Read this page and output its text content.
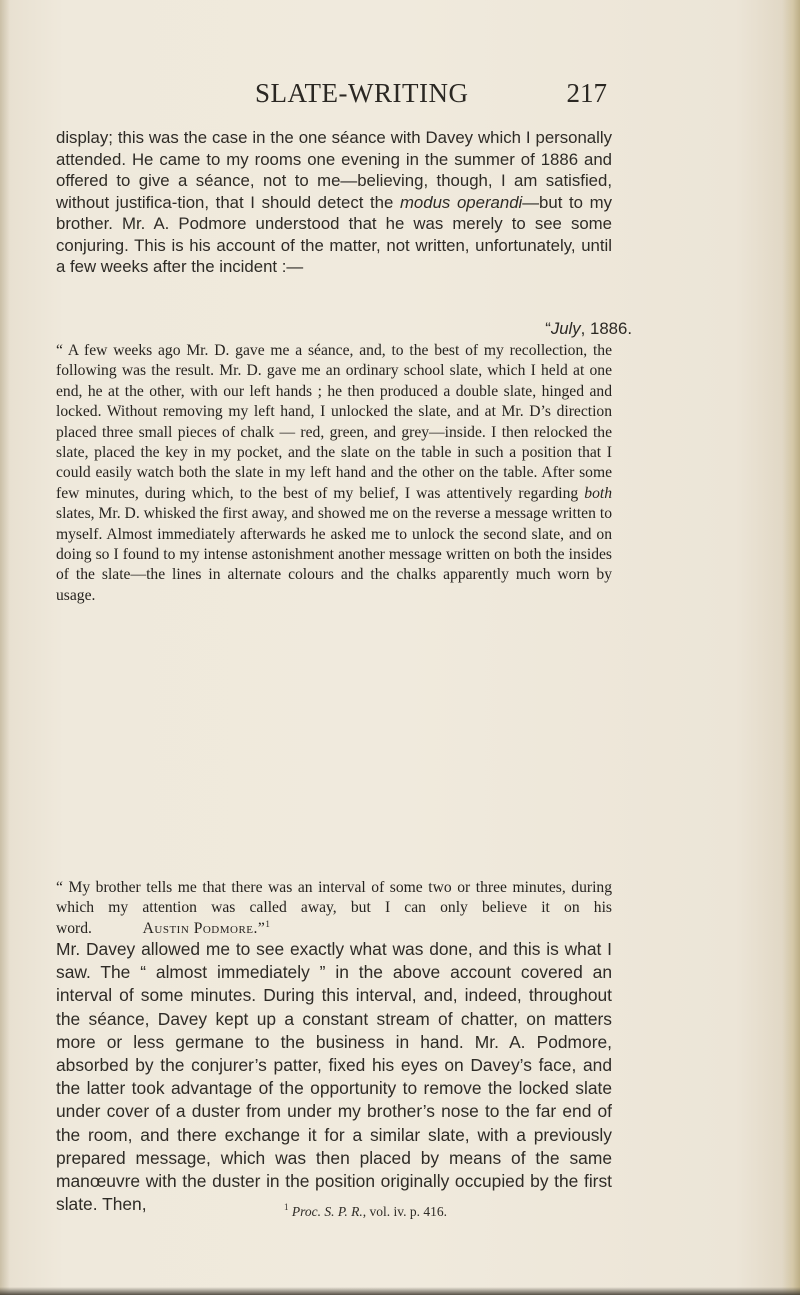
SLATE-WRITING	217

display; this was the case in the one séance with Davey which I personally attended. He came to my rooms one evening in the summer of 1886 and offered to give a séance, not to me—believing, though, I am satisfied, without justifica-tion, that I should detect the modus operandi—but to my brother. Mr. A. Podmore understood that he was merely to see some conjuring. This is his account of the matter, not written, unfortunately, until a few weeks after the incident :—

“July, 1886.

“ A few weeks ago Mr. D. gave me a séance, and, to the best of my recollection, the following was the result. Mr. D. gave me an ordinary school slate, which I held at one end, he at the other, with our left hands ; he then produced a double slate, hinged and locked. Without removing my left hand, I unlocked the slate, and at Mr. D’s direction placed three small pieces of chalk — red, green, and grey—inside. I then relocked the slate, placed the key in my pocket, and the slate on the table in such a position that I could easily watch both the slate in my left hand and the other on the table. After some few minutes, during which, to the best of my belief, I was attentively regarding both slates, Mr. D. whisked the first away, and showed me on the reverse a message written to myself. Almost immediately afterwards he asked me to unlock the second slate, and on doing so I found to my intense astonishment another message written on both the insides of the slate—the lines in alternate colours and the chalks apparently much worn by usage.

“ My brother tells me that there was an interval of some two or three minutes, during which my attention was called away, but I can only believe it on his word.	Austin Podmore.”$^1$

Mr. Davey allowed me to see exactly what was done, and this is what I saw. The “ almost immediately ” in the above account covered an interval of some minutes. During this interval, and, indeed, throughout the séance, Davey kept up a constant stream of chatter, on matters more or less germane to the business in hand. Mr. A. Podmore, absorbed by the conjurer’s patter, fixed his eyes on Davey’s face, and the latter took advantage of the opportunity to remove the locked slate under cover of a duster from under my brother’s nose to the far end of the room, and there exchange it for a similar slate, with a previously prepared message, which was then placed by means of the same manœuvre with the duster in the position originally occupied by the first slate. Then,	$^1$ Proc. S. P. R., vol. iv. p. 416.
